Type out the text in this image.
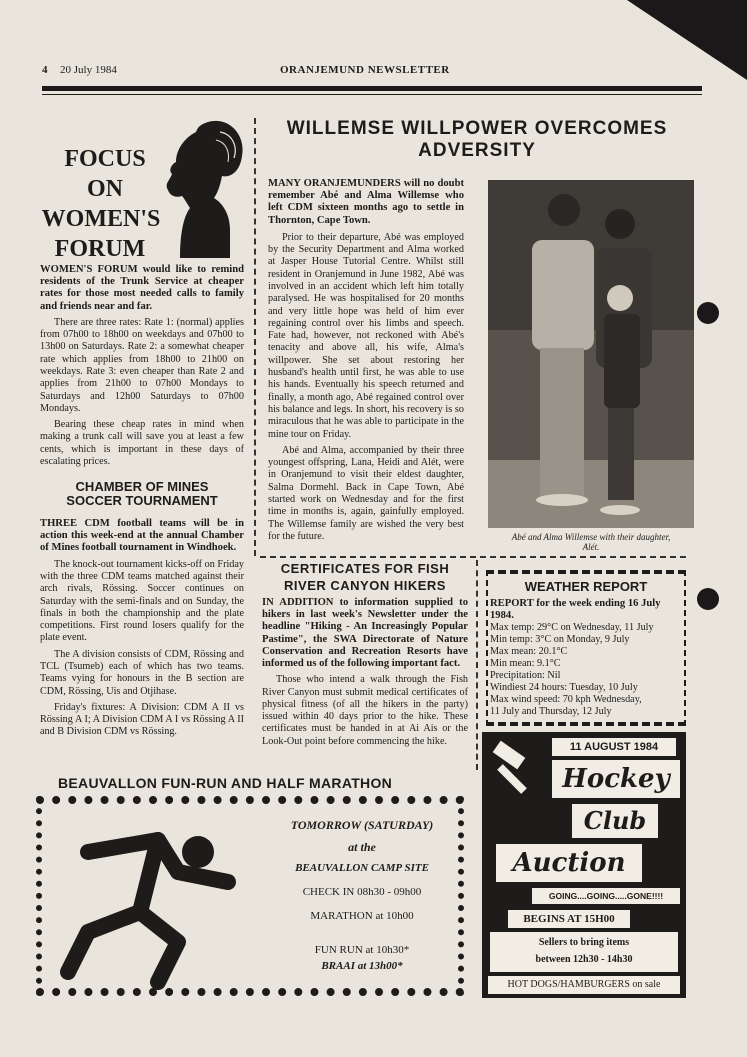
4 20 July 1984	ORANJEMUND NEWSLETTER
FOCUS
ON
WOMEN'S
FORUM

WOMEN'S FORUM would like to remind residents of the Trunk Service at cheaper rates for those most needed calls to family and friends near and far.

There are three rates: Rate 1: (normal) applies from 07h00 to 18h00 on weekdays and 07h00 to 13h00 on Saturdays. Rate 2: a somewhat cheaper rate which applies from 18h00 to 21h00 on weekdays. Rate 3: even cheaper than Rate 2 and applies from 21h00 to 07h00 Mondays to Saturdays and 12h00 Saturdays to 07h00 Mondays.

Bearing these cheap rates in mind when making a trunk call will save you at least a few cents, which is important in these days of escalating prices.

CHAMBER OF MINES
SOCCER TOURNAMENT

THREE CDM football teams will be in action this week-end at the annual Chamber of Mines football tournament in Windhoek.

The knock-out tournament kicks-off on Friday with the three CDM teams matched against their arch rivals, Rössing. Soccer continues on Saturday with the semi-finals and on Sunday, the finals in both the championship and the plate competitions. First round losers qualify for the plate event.

The A division consists of CDM, Rössing and TCL (Tsumeb) each of which has two teams. Teams vying for honours in the B section are CDM, Rössing, Uis and Otjihase.

Friday's fixtures: A Division: CDM A II vs Rössing A I; A Division CDM A I vs Rössing A II and B Division CDM vs Rössing.

WILLEMSE WILLPOWER OVERCOMES
ADVERSITY

MANY ORANJEMUNDERS will no doubt remember Abé and Alma Willemse who left CDM sixteen months ago to settle in Thornton, Cape Town.

Prior to their departure, Abé was employed by the Security Department and Alma worked at Jasper House Tutorial Centre. Whilst still resident in Oranjemund in June 1982, Abé was involved in an accident which left him totally paralysed. He was hospitalised for 20 months and very little hope was held of him ever regaining control over his limbs and speech. Fate had, however, not reckoned with Abé's tenacity and above all, his wife, Alma's willpower. She set about restoring her husband's health until first, he was able to use his hands. Eventually his speech returned and finally, a month ago, Abé regained control over his balance and legs. In short, his recovery is so miraculous that he was able to participate in the mine tour on Friday.

Abé and Alma, accompanied by their three youngest offspring, Lana, Heidi and Alét, were in Oranjemund to visit their eldest daughter, Salma Dormehl. Back in Cape Town, Abé started work on Wednesday and for the first time in months is, again, gainfully employed. The Willemse family are wished the very best for the future.	Abé and Alma Willemse with their daughter,
Alét.
CERTIFICATES FOR FISH
RIVER CANYON HIKERS

IN ADDITION to information supplied to hikers in last week's Newsletter under the headline "Hiking - An Increasingly Popular Pastime", the SWA Directorate of Nature Conservation and Recreation Resorts have informed us of the following important fact.

Those who intend a walk through the Fish River Canyon must submit medical certificates of physical fitness (of all the hikers in the party) issued within 40 days prior to the hike. These certificates must be handed in at Ai Ais or the Look-Out point before commencing the hike.

WEATHER REPORT

REPORT for the week ending 16 July 1984.

Max temp: 29°C on Wednesday, 11 July
Min temp: 3°C on Monday, 9 July
Max mean: 20.1°C
Min mean: 9.1°C
Precipitation: Nil
Windiest 24 hours: Tuesday, 10 July
Max wind speed: 70 kph Wednesday,
11 July and Thursday, 12 July
11 AUGUST 1984
Hockey
Club
Auction
GOING....GOING.....GONE!!!!
BEGINS AT 15H00
Sellers to bring items
between 12h30 - 14h30
HOT DOGS/HAMBURGERS on sale
BEAUVALLON FUN-RUN AND HALF MARATHON
TOMORROW (SATURDAY)
at the
BEAUVALLON CAMP SITE
CHECK IN 08h30 - 09h00
MARATHON at 10h00
FUN RUN at 10h30*
BRAAI at 13h00*
